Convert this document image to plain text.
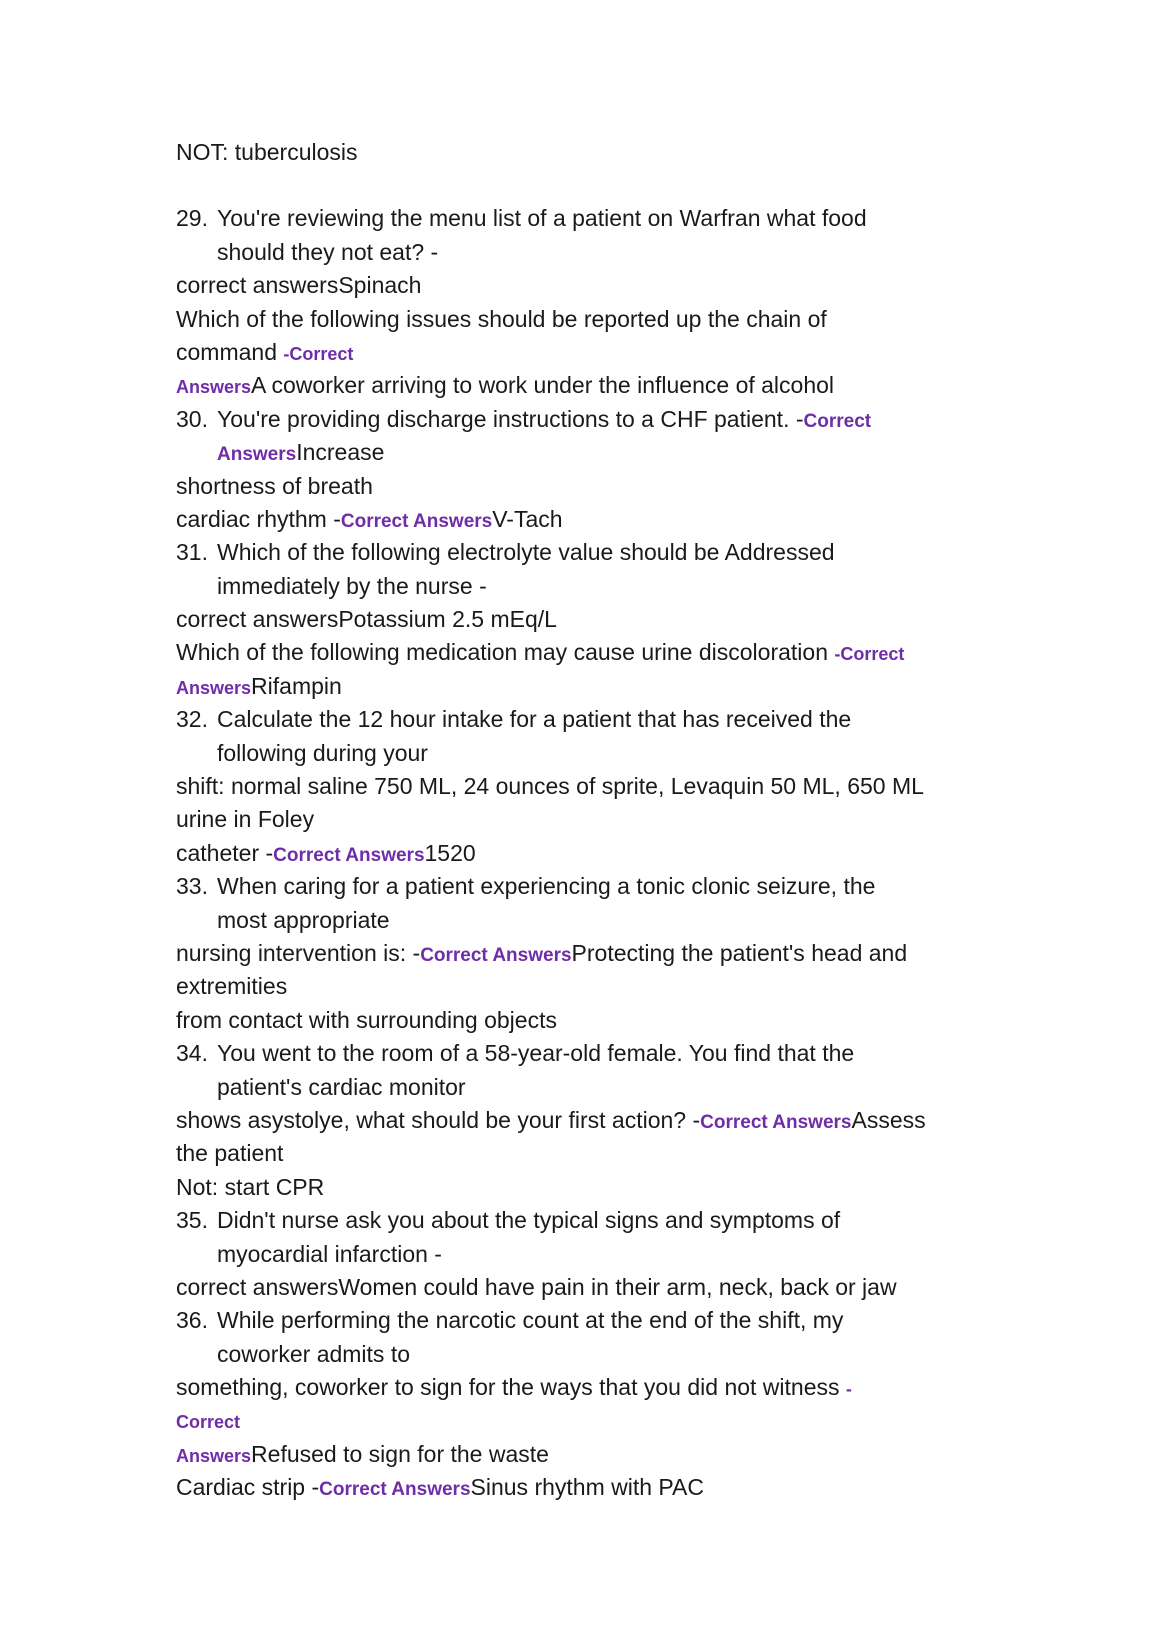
NOT: tuberculosis
29. You're reviewing the menu list of a patient on Warfran what food
should they not eat? -
correct answersSpinach
Which of the following issues should be reported up the chain of
command -Correct
AnswersA coworker arriving to work under the influence of alcohol
30. You're providing discharge instructions to a CHF patient. -Correct
AnswersIncrease
shortness of breath
cardiac rhythm -Correct AnswersV-Tach
31. Which of the following electrolyte value should be Addressed
immediately by the nurse -
correct answersPotassium 2.5 mEq/L
Which of the following medication may cause urine discoloration -Correct
AnswersRifampin
32. Calculate the 12 hour intake for a patient that has received the
following during your
shift: normal saline 750 ML, 24 ounces of sprite, Levaquin 50 ML, 650 ML
urine in Foley
catheter -Correct Answers1520
33. When caring for a patient experiencing a tonic clonic seizure, the
most appropriate
nursing intervention is: -Correct AnswersProtecting the patient's head and
extremities
from contact with surrounding objects
34. You went to the room of a 58-year-old female. You find that the
patient's cardiac monitor
shows asystolye, what should be your first action? -Correct AnswersAssess
the patient
Not: start CPR
35. Didn't nurse ask you about the typical signs and symptoms of
myocardial infarction -
correct answersWomen could have pain in their arm, neck, back or jaw
36. While performing the narcotic count at the end of the shift, my
coworker admits to
something, coworker to sign for the ways that you did not witness -
Correct
AnswersRefused to sign for the waste
Cardiac strip -Correct AnswersSinus rhythm with PAC
